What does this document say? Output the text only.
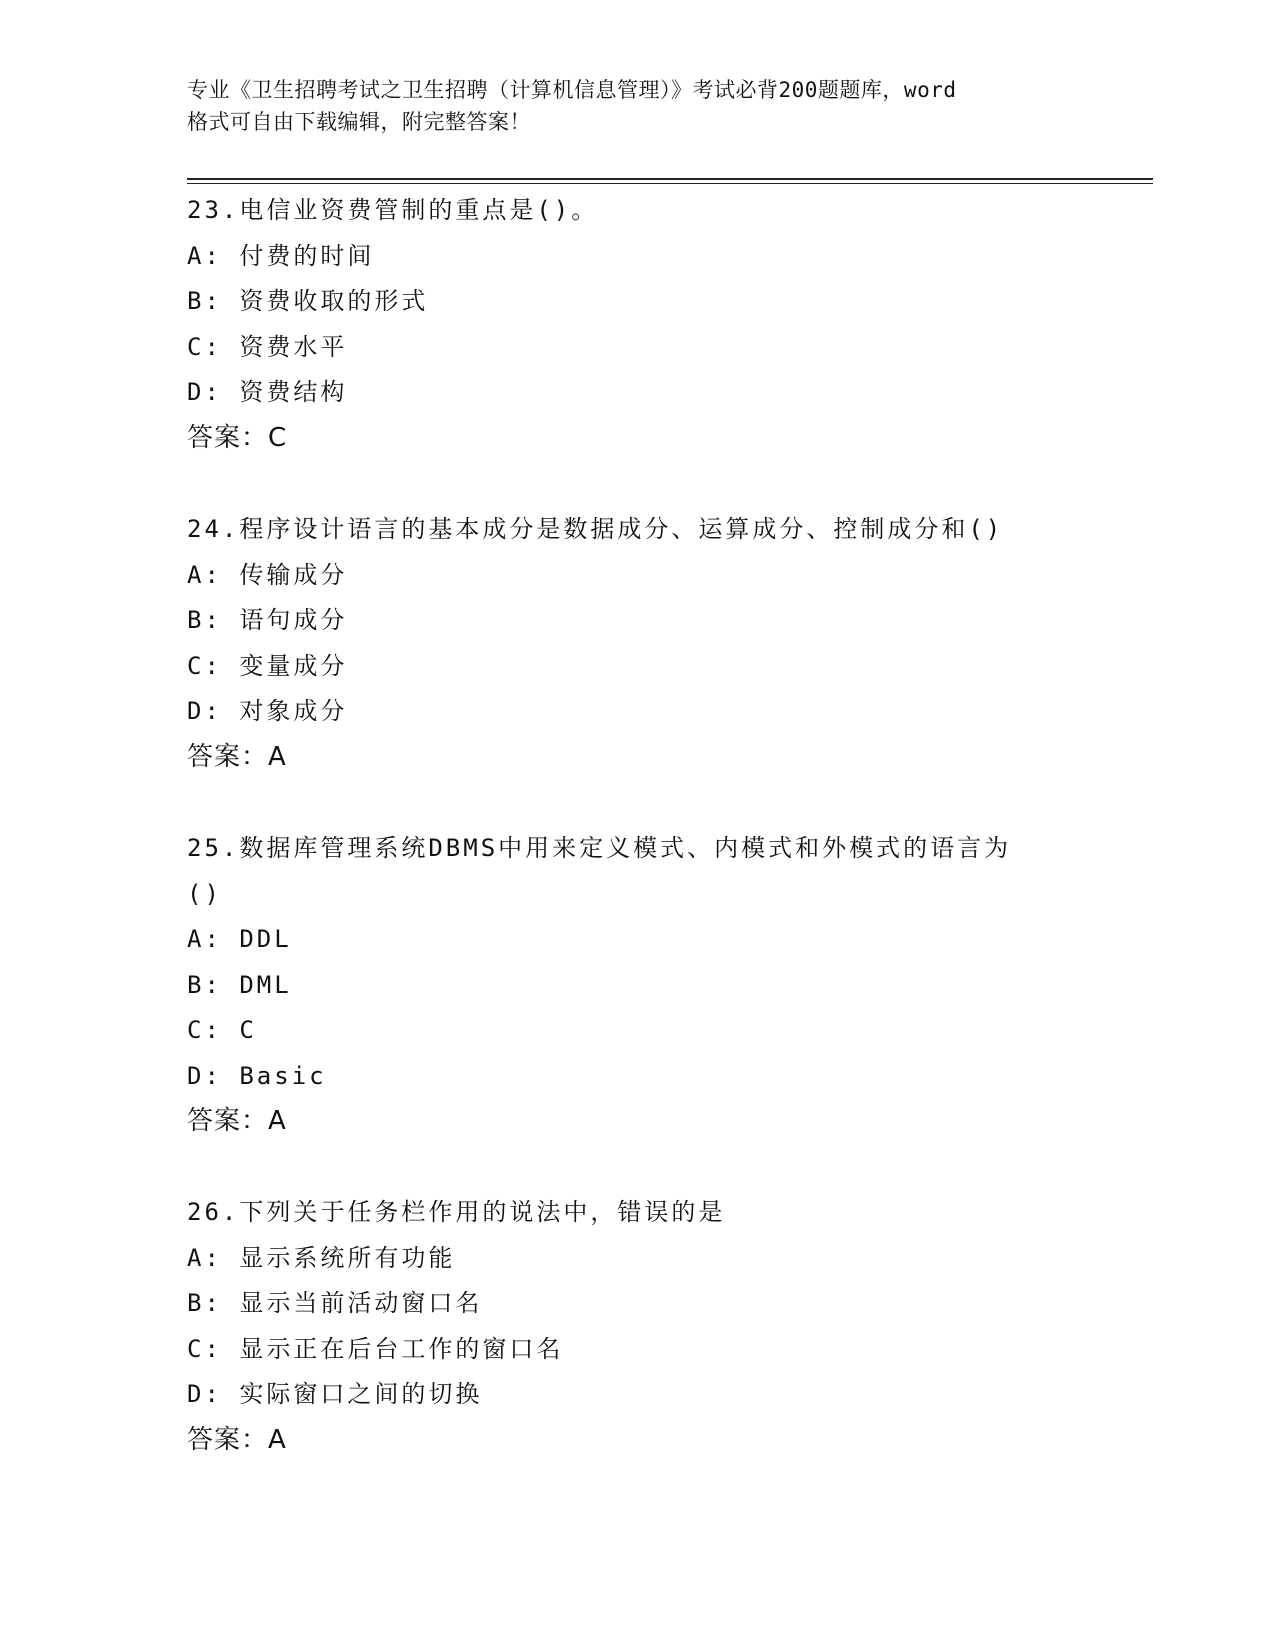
专业《卫生招聘考试之卫生招聘（计算机信息管理）》考试必背200题题库，word
格式可自由下载编辑，附完整答案！
23.电信业资费管制的重点是()。
A: 付费的时间
B: 资费收取的形式
C: 资费水平
D: 资费结构
答案：C
24.程序设计语言的基本成分是数据成分、运算成分、控制成分和()
A: 传输成分
B: 语句成分
C: 变量成分
D: 对象成分
答案：A
25.数据库管理系统DBMS中用来定义模式、内模式和外模式的语言为
()
A: DDL
B: DML
C: C
D: Basic
答案：A
26.下列关于任务栏作用的说法中，错误的是
A: 显示系统所有功能
B: 显示当前活动窗口名
C: 显示正在后台工作的窗口名
D: 实际窗口之间的切换
答案：A
